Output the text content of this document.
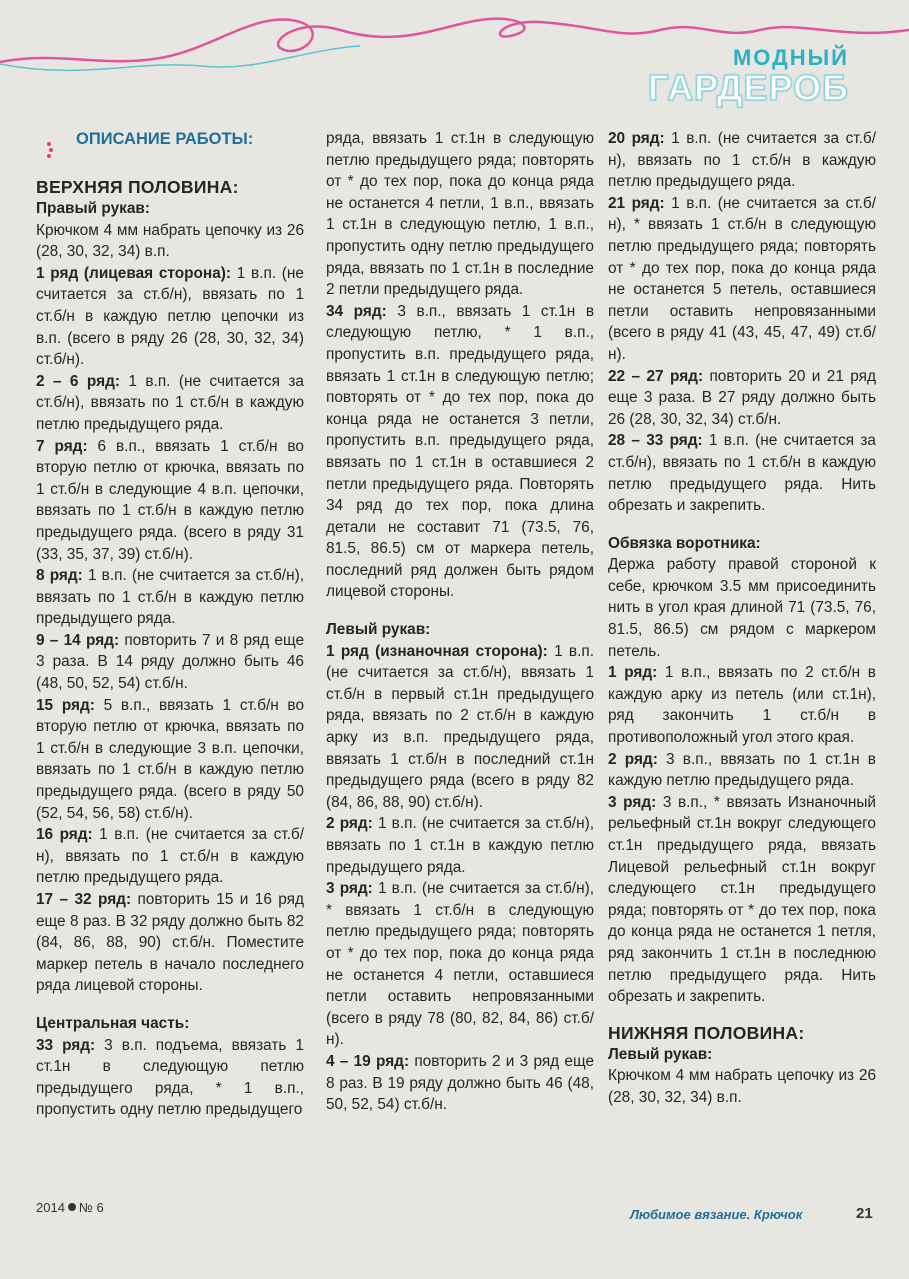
МОДНЫЙ
ГАРДЕРОБ
ОПИСАНИЕ РАБОТЫ:
ВЕРХНЯЯ ПОЛОВИНА:
Правый рукав:

Крючком 4 мм набрать цепочку из 26 (28, 30, 32, 34) в.п.

1 ряд (лицевая сторона): 1 в.п. (не считается за ст.б/н), ввязать по 1 ст.б/н в каждую петлю цепочки из в.п. (всего в ряду 26 (28, 30, 32, 34) ст.б/н).

2 – 6 ряд: 1 в.п. (не считается за ст.б/н), ввязать по 1 ст.б/н в каждую петлю предыдущего ряда.

7 ряд: 6 в.п., ввязать 1 ст.б/н во вторую петлю от крючка, ввязать по 1 ст.б/н в следующие 4 в.п. цепочки, ввязать по 1 ст.б/н в каждую петлю предыдущего ряда. (всего в ряду 31 (33, 35, 37, 39) ст.б/н).

8 ряд: 1 в.п. (не считается за ст.б/н), ввязать по 1 ст.б/н в каждую петлю предыдущего ряда.

9 – 14 ряд: повторить 7 и 8 ряд еще 3 раза. В 14 ряду должно быть 46 (48, 50, 52, 54) ст.б/н.

15 ряд: 5 в.п., ввязать 1 ст.б/н во вторую петлю от крючка, ввязать по 1 ст.б/н в следующие 3 в.п. цепочки, ввязать по 1 ст.б/н в каждую петлю предыдущего ряда. (всего в ряду 50 (52, 54, 56, 58) ст.б/н).

16 ряд: 1 в.п. (не считается за ст.б/н), ввязать по 1 ст.б/н в каждую петлю предыдущего ряда.

17 – 32 ряд: повторить 15 и 16 ряд еще 8 раз. В 32 ряду должно быть 82 (84, 86, 88, 90) ст.б/н. Поместите маркер петель в начало последнего ряда лицевой стороны.

Центральная часть:

33 ряд: 3 в.п. подъема, ввязать 1 ст.1н в следующую петлю предыдущего ряда, * 1 в.п., пропустить одну петлю предыдущего

ряда, ввязать 1 ст.1н в следующую петлю предыдущего ряда; повторять от * до тех пор, пока до конца ряда не останется 4 петли, 1 в.п., ввязать 1 ст.1н в следующую петлю, 1 в.п., пропустить одну петлю предыдущего ряда, ввязать по 1 ст.1н в последние 2 петли предыдущего ряда.

34 ряд: 3 в.п., ввязать 1 ст.1н в следующую петлю, * 1 в.п., пропустить в.п. предыдущего ряда, ввязать 1 ст.1н в следующую петлю; повторять от * до тех пор, пока до конца ряда не останется 3 петли, пропустить в.п. предыдущего ряда, ввязать по 1 ст.1н в оставшиеся 2 петли предыдущего ряда. Повторять 34 ряд до тех пор, пока длина детали не составит 71 (73.5, 76, 81.5, 86.5) см от маркера петель, последний ряд должен быть рядом лицевой стороны.

Левый рукав:

1 ряд (изнаночная сторона): 1 в.п. (не считается за ст.б/н), ввязать 1 ст.б/н в первый ст.1н предыдущего ряда, ввязать по 2 ст.б/н в каждую арку из в.п. предыдущего ряда, ввязать 1 ст.б/н в последний ст.1н предыдущего ряда (всего в ряду 82 (84, 86, 88, 90) ст.б/н).

2 ряд: 1 в.п. (не считается за ст.б/н), ввязать по 1 ст.1н в каждую петлю предыдущего ряда.

3 ряд: 1 в.п. (не считается за ст.б/н), * ввязать 1 ст.б/н в следующую петлю предыдущего ряда; повторять от * до тех пор, пока до конца ряда не останется 4 петли, оставшиеся петли оставить непровязанными (всего в ряду 78 (80, 82, 84, 86) ст.б/н).

4 – 19 ряд: повторить 2 и 3 ряд еще 8 раз. В 19 ряду должно быть 46 (48, 50, 52, 54) ст.б/н.

20 ряд: 1 в.п. (не считается за ст.б/н), ввязать по 1 ст.б/н в каждую петлю предыдущего ряда.

21 ряд: 1 в.п. (не считается за ст.б/н), * ввязать 1 ст.б/н в следующую петлю предыдущего ряда; повторять от * до тех пор, пока до конца ряда не останется 5 петель, оставшиеся петли оставить непровязанными (всего в ряду 41 (43, 45, 47, 49) ст.б/н).

22 – 27 ряд: повторить 20 и 21 ряд еще 3 раза. В 27 ряду должно быть 26 (28, 30, 32, 34) ст.б/н.

28 – 33 ряд: 1 в.п. (не считается за ст.б/н), ввязать по 1 ст.б/н в каждую петлю предыдущего ряда. Нить обрезать и закрепить.

Обвязка воротника:

Держа работу правой стороной к себе, крючком 3.5 мм присоединить нить в угол края длиной 71 (73.5, 76, 81.5, 86.5) см рядом с маркером петель.

1 ряд: 1 в.п., ввязать по 2 ст.б/н в каждую арку из петель (или ст.1н), ряд закончить 1 ст.б/н в противоположный угол этого края.

2 ряд: 3 в.п., ввязать по 1 ст.1н в каждую петлю предыдущего ряда.

3 ряд: 3 в.п., * ввязать Изнаночный рельефный ст.1н вокруг следующего ст.1н предыдущего ряда, ввязать Лицевой рельефный ст.1н вокруг следующего ст.1н предыдущего ряда; повторять от * до тех пор, пока до конца ряда не останется 1 петля, ряд закончить 1 ст.1н в последнюю петлю предыдущего ряда. Нить обрезать и закрепить.

НИЖНЯЯ ПОЛОВИНА:
Левый рукав:

Крючком 4 мм набрать цепочку из 26 (28, 30, 32, 34) в.п.

2014 № 6	Любимое вязание. Крючок	21
